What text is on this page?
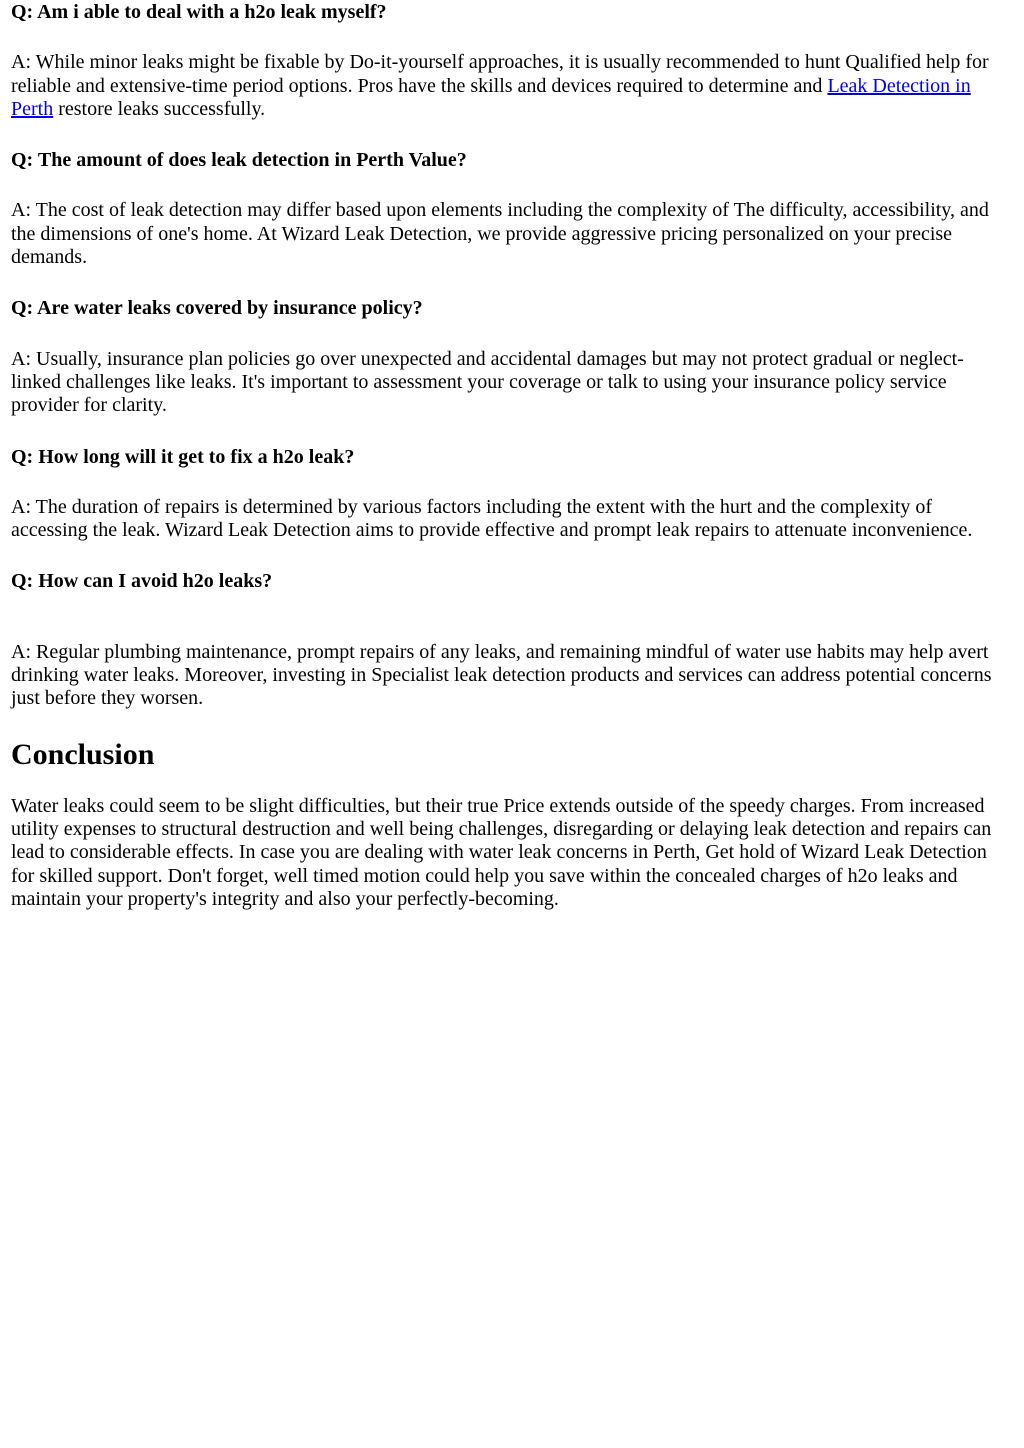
Q: Am i able to deal with a h2o leak myself?

A: While minor leaks might be fixable by Do-it-yourself approaches, it is usually recommended to hunt Qualified help for reliable and extensive-time period options. Pros have the skills and devices required to determine and Leak Detection in Perth restore leaks successfully.

Q: The amount of does leak detection in Perth Value?

A: The cost of leak detection may differ based upon elements including the complexity of The difficulty, accessibility, and the dimensions of one's home. At Wizard Leak Detection, we provide aggressive pricing personalized on your precise demands.

Q: Are water leaks covered by insurance policy?

A: Usually, insurance plan policies go over unexpected and accidental damages but may not protect gradual or neglect-linked challenges like leaks. It's important to assessment your coverage or talk to using your insurance policy service provider for clarity.

Q: How long will it get to fix a h2o leak?

A: The duration of repairs is determined by various factors including the extent with the hurt and the complexity of accessing the leak. Wizard Leak Detection aims to provide effective and prompt leak repairs to attenuate inconvenience.

Q: How can I avoid h2o leaks?

A: Regular plumbing maintenance, prompt repairs of any leaks, and remaining mindful of water use habits may help avert drinking water leaks. Moreover, investing in Specialist leak detection products and services can address potential concerns just before they worsen.

Conclusion

Water leaks could seem to be slight difficulties, but their true Price extends outside of the speedy charges. From increased utility expenses to structural destruction and well being challenges, disregarding or delaying leak detection and repairs can lead to considerable effects. In case you are dealing with water leak concerns in Perth, Get hold of Wizard Leak Detection for skilled support. Don't forget, well timed motion could help you save within the concealed charges of h2o leaks and maintain your property's integrity and also your perfectly-becoming.
